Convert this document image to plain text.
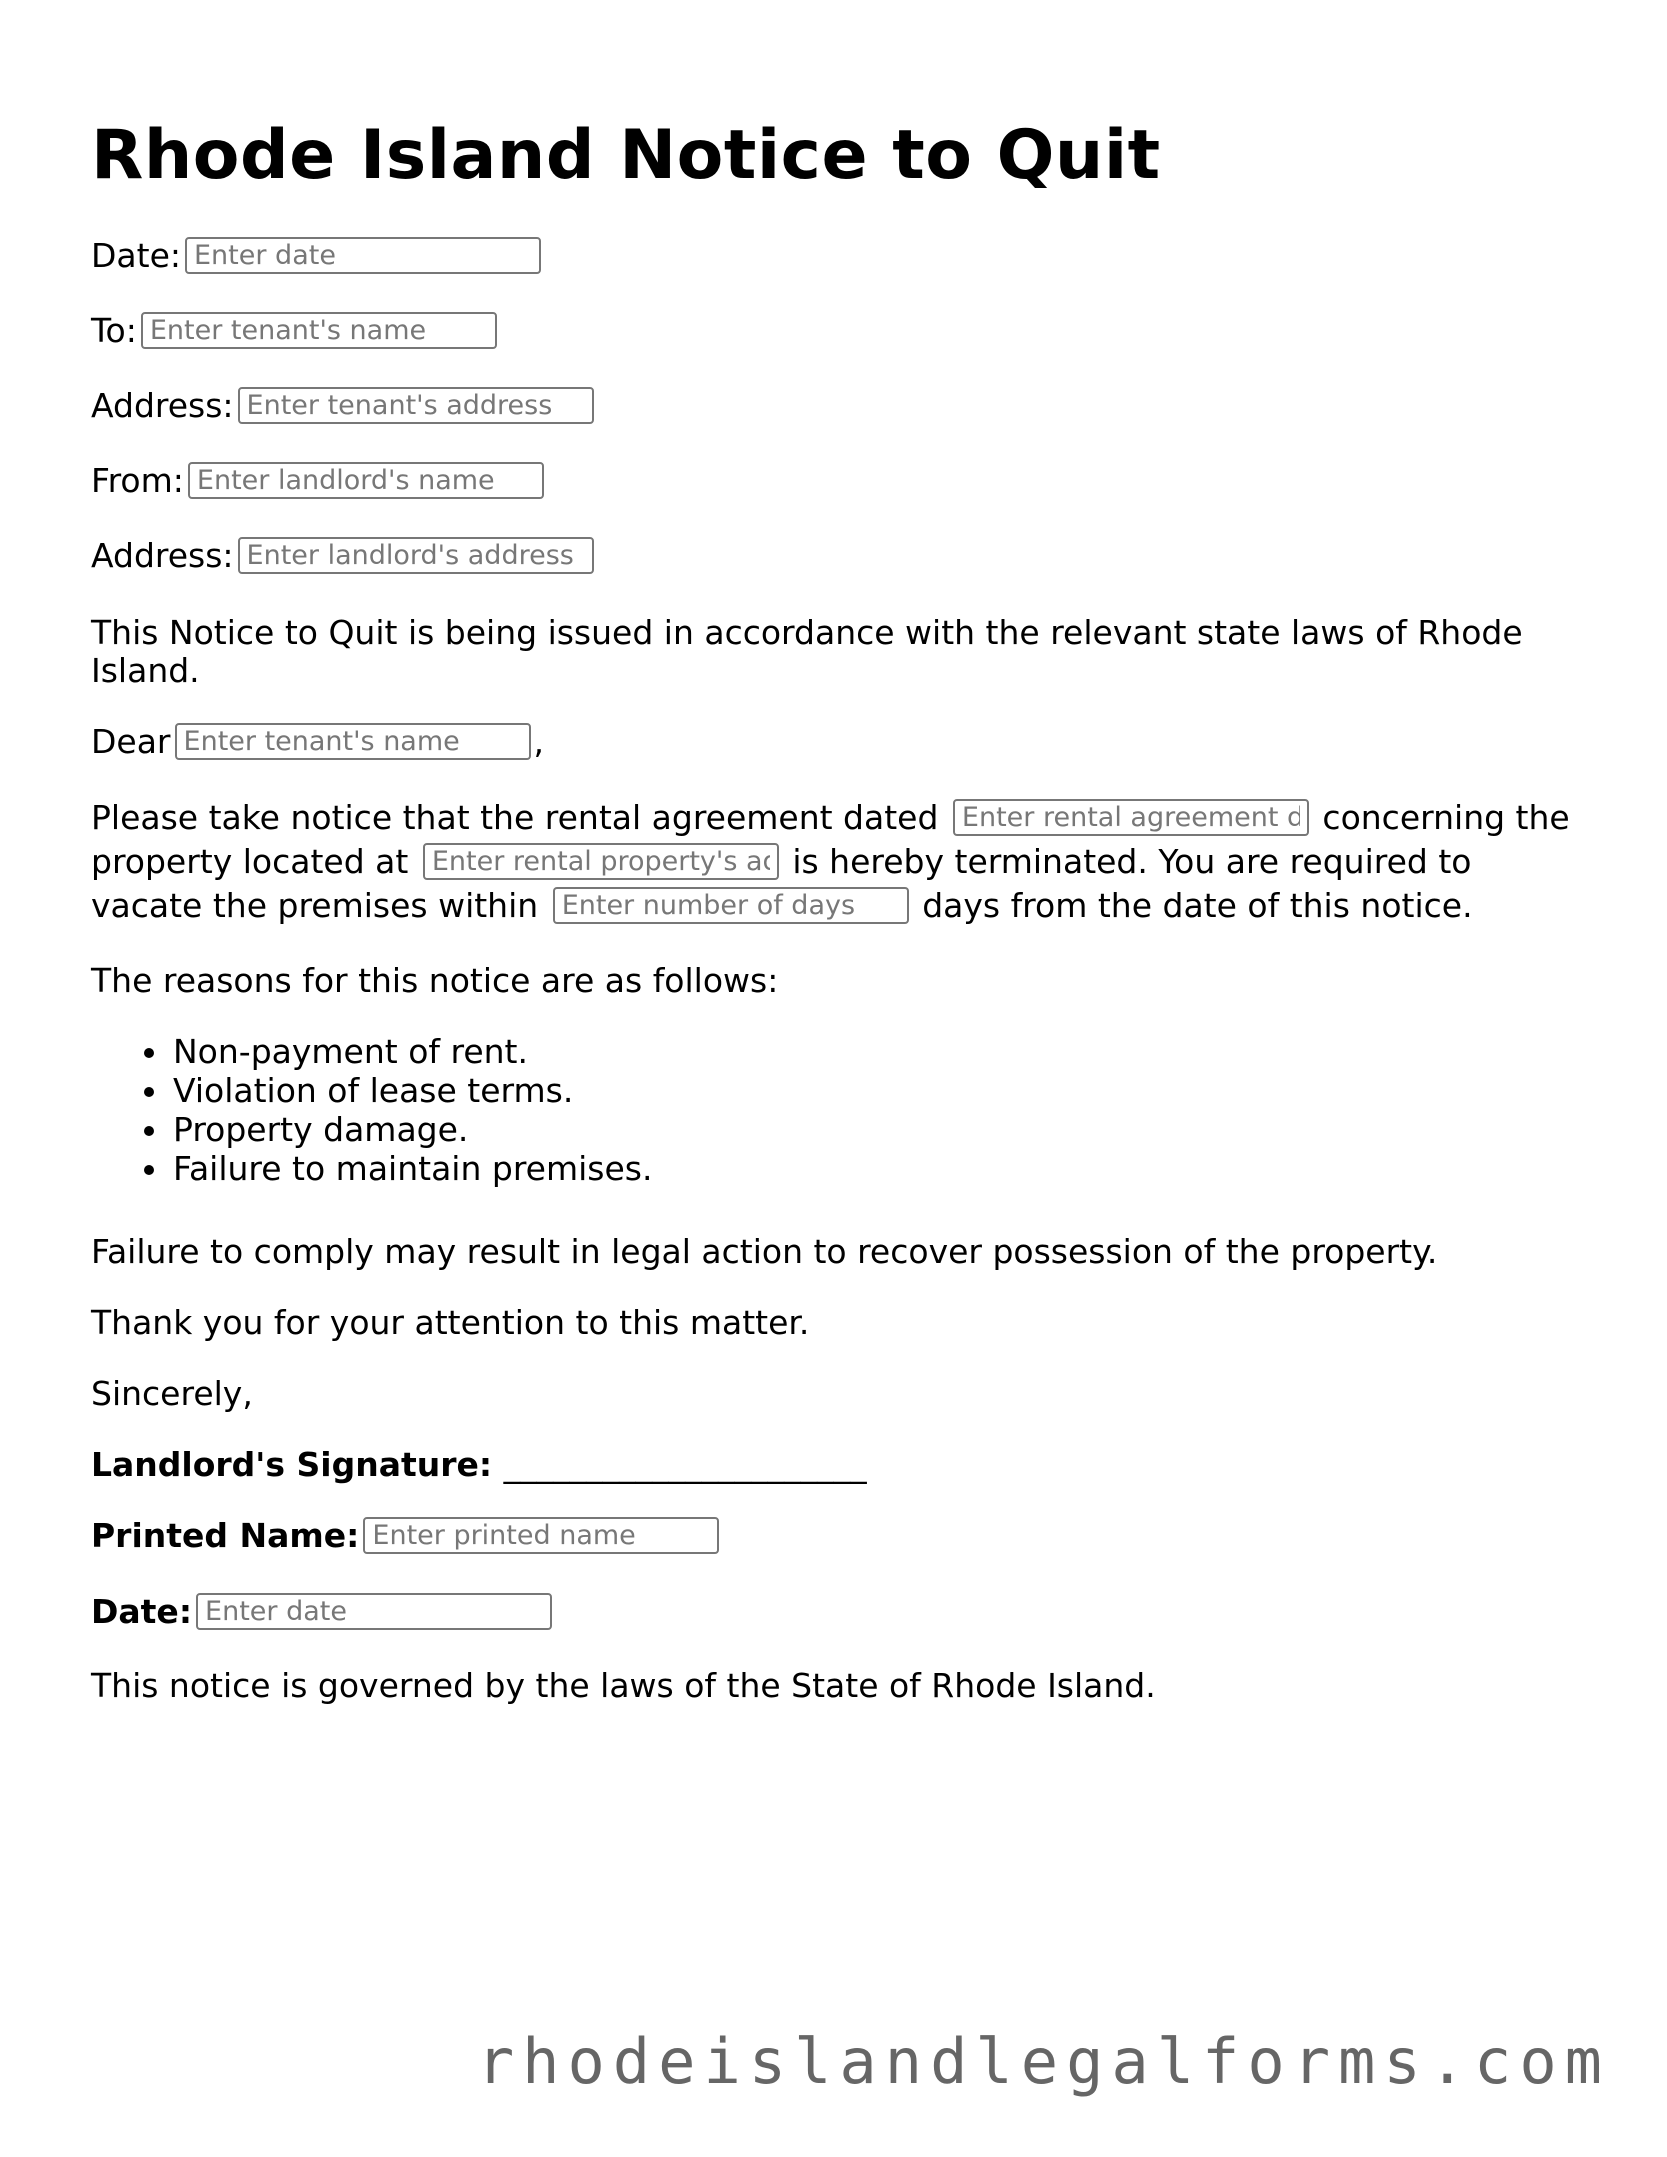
Rhode Island Notice to Quit
Date:Enter date
To:Enter tenant's name
Address:Enter tenant's address
From:Enter landlord's name
Address:Enter landlord's address

This Notice to Quit is being issued in accordance with the relevant state laws of Rhode Island.

DearEnter tenant's name	,

Please take notice that the rental agreement dated Enter rental agreement date	concerning the property located at Enter rental property's address	is hereby terminated. You are required to vacate the premises within Enter number of days	days from the date of this notice.

The reasons for this notice are as follows:

• Non-payment of rent.
• Violation of lease terms.
• Property damage.
• Failure to maintain premises.

Failure to comply may result in legal action to recover possession of the property.

Thank you for your attention to this matter.

Sincerely,

Landlord's Signature: ______________________
Printed Name:Enter printed name
Date:Enter date

This notice is governed by the laws of the State of Rhode Island.

rhodeislandlegalforms.com
